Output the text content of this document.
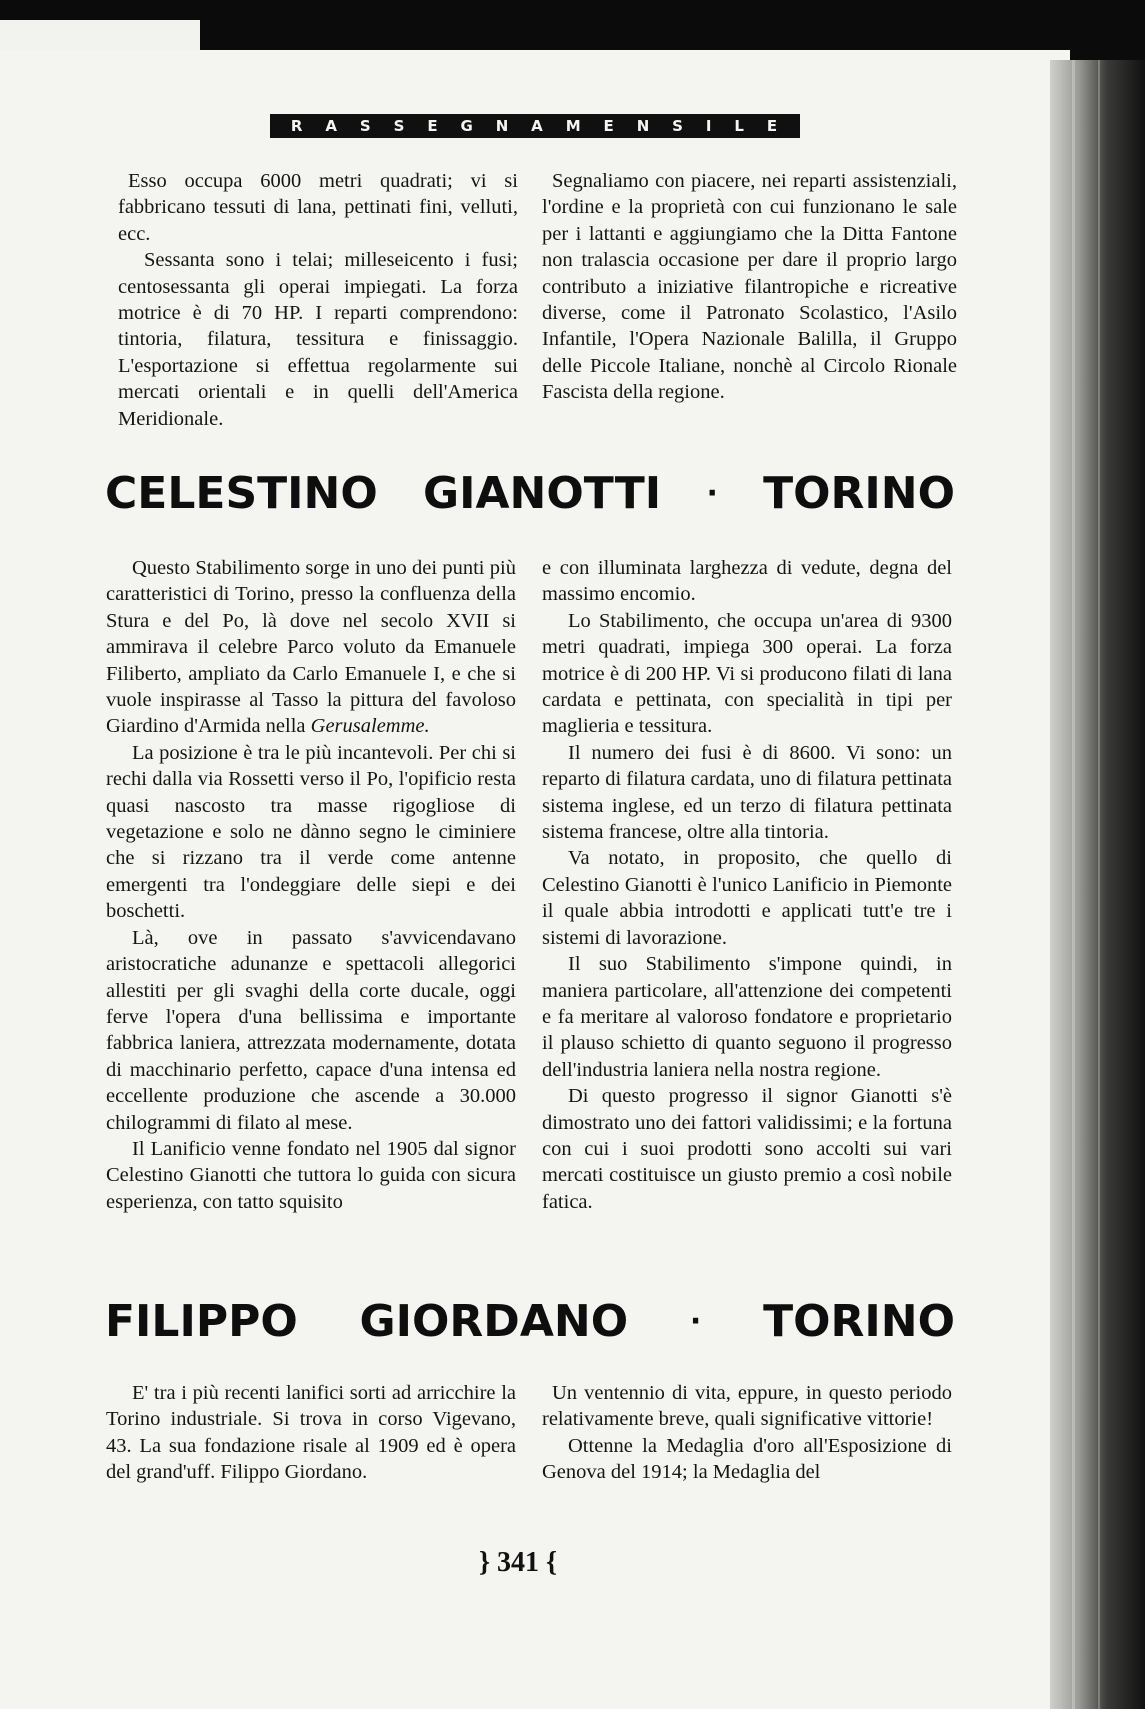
R A S S E G N A M E N S I L E

Esso occupa 6000 metri quadrati; vi si fabbricano tessuti di lana, pettinati fini, velluti, ecc.

Sessanta sono i telai; milleseicento i fusi; centosessanta gli operai impiegati. La forza motrice è di 70 HP. I reparti comprendono: tintoria, filatura, tessitura e finissaggio. L'esportazione si effettua regolarmente sui mercati orientali e in quelli dell'America Meridionale.

Segnaliamo con piacere, nei reparti assistenziali, l'ordine e la proprietà con cui funzionano le sale per i lattanti e aggiungiamo che la Ditta Fantone non tralascia occasione per dare il proprio largo contributo a iniziative filantropiche e ricreative diverse, come il Patronato Scolastico, l'Asilo Infantile, l'Opera Nazionale Balilla, il Gruppo delle Piccole Italiane, nonchè al Circolo Rionale Fascista della regione.

CELESTINO GIANOTTI · TORINO

Questo Stabilimento sorge in uno dei punti più caratteristici di Torino, presso la confluenza della Stura e del Po, là dove nel secolo XVII si ammirava il celebre Parco voluto da Emanuele Filiberto, ampliato da Carlo Emanuele I, e che si vuole inspirasse al Tasso la pittura del favoloso Giardino d'Armida nella Gerusalemme.

La posizione è tra le più incantevoli. Per chi si rechi dalla via Rossetti verso il Po, l'opificio resta quasi nascosto tra masse rigogliose di vegetazione e solo ne dànno segno le ciminiere che si rizzano tra il verde come antenne emergenti tra l'ondeggiare delle siepi e dei boschetti.

Là, ove in passato s'avvicendavano aristocratiche adunanze e spettacoli allegorici allestiti per gli svaghi della corte ducale, oggi ferve l'opera d'una bellissima e importante fabbrica laniera, attrezzata modernamente, dotata di macchinario perfetto, capace d'una intensa ed eccellente produzione che ascende a 30.000 chilogrammi di filato al mese.

Il Lanificio venne fondato nel 1905 dal signor Celestino Gianotti che tuttora lo guida con sicura esperienza, con tatto squisito

e con illuminata larghezza di vedute, degna del massimo encomio.

Lo Stabilimento, che occupa un'area di 9300 metri quadrati, impiega 300 operai. La forza motrice è di 200 HP. Vi si producono filati di lana cardata e pettinata, con specialità in tipi per maglieria e tessitura.

Il numero dei fusi è di 8600. Vi sono: un reparto di filatura cardata, uno di filatura pettinata sistema inglese, ed un terzo di filatura pettinata sistema francese, oltre alla tintoria.

Va notato, in proposito, che quello di Celestino Gianotti è l'unico Lanificio in Piemonte il quale abbia introdotti e applicati tutt'e tre i sistemi di lavorazione.

Il suo Stabilimento s'impone quindi, in maniera particolare, all'attenzione dei competenti e fa meritare al valoroso fondatore e proprietario il plauso schietto di quanto seguono il progresso dell'industria laniera nella nostra regione.

Di questo progresso il signor Gianotti s'è dimostrato uno dei fattori validissimi; e la fortuna con cui i suoi prodotti sono accolti sui vari mercati costituisce un giusto premio a così nobile fatica.

FILIPPO GIORDANO · TORINO

E' tra i più recenti lanifici sorti ad arricchire la Torino industriale. Si trova in corso Vigevano, 43. La sua fondazione risale al 1909 ed è opera del grand'uff. Filippo Giordano.

Un ventennio di vita, eppure, in questo periodo relativamente breve, quali significative vittorie!

Ottenne la Medaglia d'oro all'Esposizione di Genova del 1914; la Medaglia del

} 341 {
